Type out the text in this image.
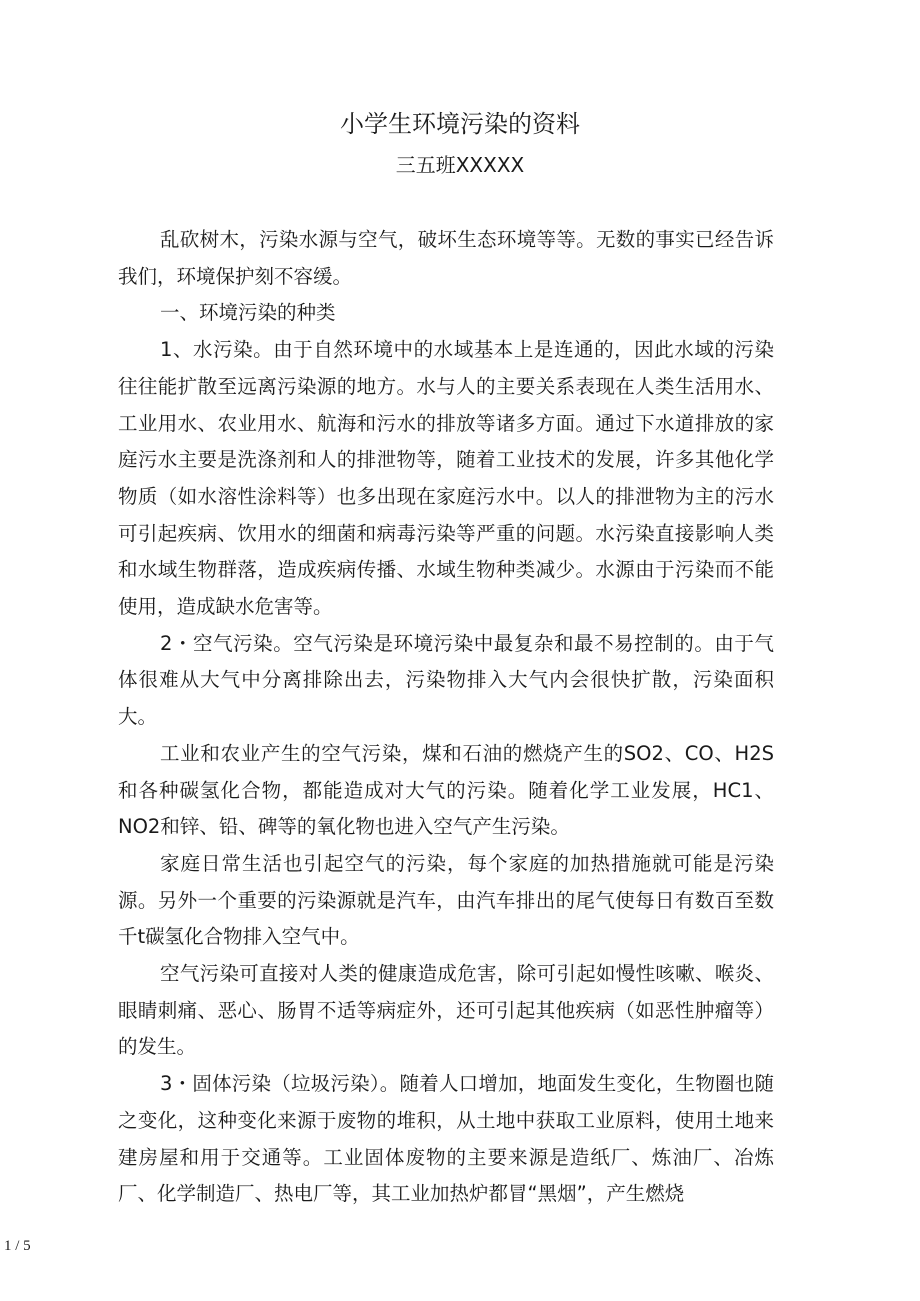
小学生环境污染的资料
三五班XXXXX

乱砍树木，污染水源与空气，破坏生态环境等等。无数的事实已经告诉我们，环境保护刻不容缓。

一、环境污染的种类

1、水污染。由于自然环境中的水域基本上是连通的，因此水域的污染往往能扩散至远离污染源的地方。水与人的主要关系表现在人类生活用水、工业用水、农业用水、航海和污水的排放等诸多方面。通过下水道排放的家庭污水主要是洗涤剂和人的排泄物等，随着工业技术的发展，许多其他化学物质（如水溶性涂料等）也多出现在家庭污水中。以人的排泄物为主的污水可引起疾病、饮用水的细菌和病毒污染等严重的问题。水污染直接影响人类和水域生物群落，造成疾病传播、水域生物种类减少。水源由于污染而不能使用，造成缺水危害等。

2・空气污染。空气污染是环境污染中最复杂和最不易控制的。由于气体很难从大气中分离排除出去，污染物排入大气内会很快扩散，污染面积大。

工业和农业产生的空气污染，煤和石油的燃烧产生的SO2、CO、H2S和各种碳氢化合物，都能造成对大气的污染。随着化学工业发展，HC1、NO2和锌、铅、碑等的氧化物也进入空气产生污染。

家庭日常生活也引起空气的污染，每个家庭的加热措施就可能是污染源。另外一个重要的污染源就是汽车，由汽车排出的尾气使每日有数百至数千t碳氢化合物排入空气中。

空气污染可直接对人类的健康造成危害，除可引起如慢性咳嗽、喉炎、眼睛刺痛、恶心、肠胃不适等病症外，还可引起其他疾病（如恶性肿瘤等）的发生。

3・固体污染（垃圾污染）。随着人口增加，地面发生变化，生物圈也随之变化，这种变化来源于废物的堆积，从土地中获取工业原料，使用土地来建房屋和用于交通等。工业固体废物的主要来源是造纸厂、炼油厂、冶炼厂、化学制造厂、热电厂等，其工业加热炉都冒“黑烟”，产生燃烧

1 / 5
